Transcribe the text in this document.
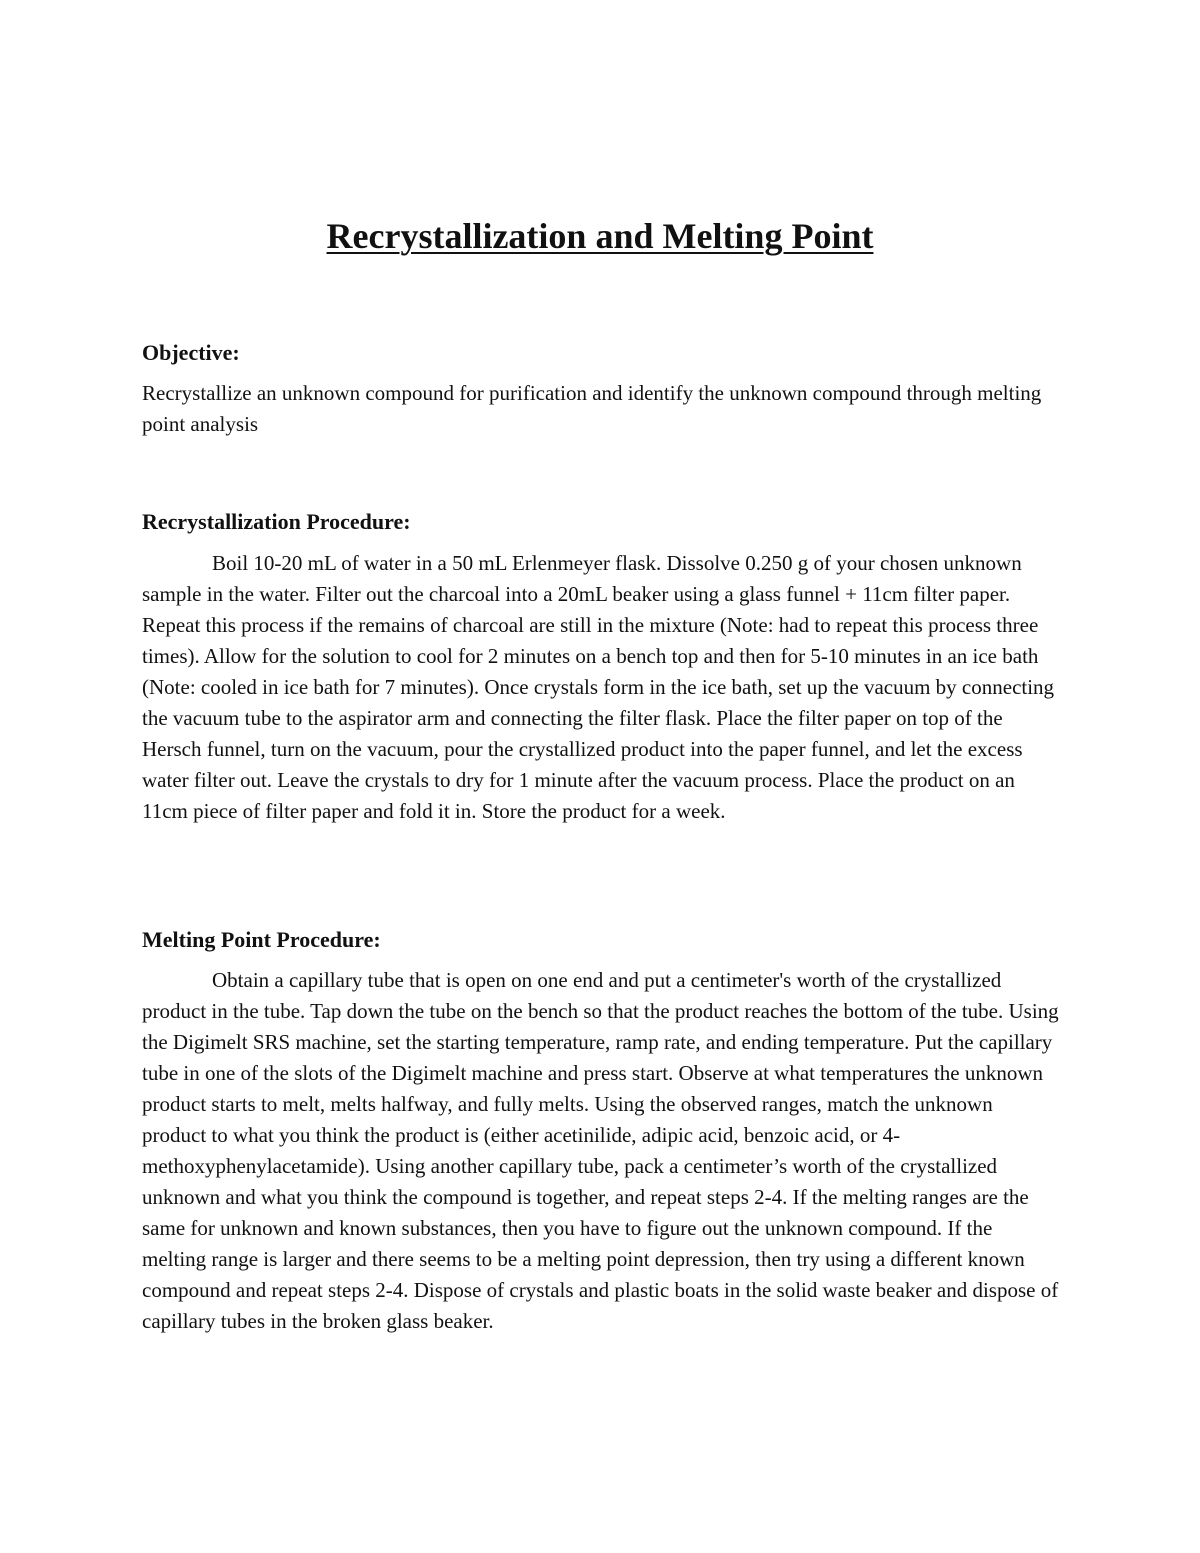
Recrystallization and Melting Point
Objective:

Recrystallize an unknown compound for purification and identify the unknown compound through melting point analysis

Recrystallization Procedure:

Boil 10-20 mL of water in a 50 mL Erlenmeyer flask. Dissolve 0.250 g of your chosen unknown sample in the water. Filter out the charcoal into a 20mL beaker using a glass funnel + 11cm filter paper. Repeat this process if the remains of charcoal are still in the mixture (Note: had to repeat this process three times). Allow for the solution to cool for 2 minutes on a bench top and then for 5-10 minutes in an ice bath (Note: cooled in ice bath for 7 minutes). Once crystals form in the ice bath, set up the vacuum by connecting the vacuum tube to the aspirator arm and connecting the filter flask. Place the filter paper on top of the Hersch funnel, turn on the vacuum, pour the crystallized product into the paper funnel, and let the excess water filter out. Leave the crystals to dry for 1 minute after the vacuum process. Place the product on an 11cm piece of filter paper and fold it in. Store the product for a week.

Melting Point Procedure:

Obtain a capillary tube that is open on one end and put a centimeter's worth of the crystallized product in the tube. Tap down the tube on the bench so that the product reaches the bottom of the tube. Using the Digimelt SRS machine, set the starting temperature, ramp rate, and ending temperature. Put the capillary tube in one of the slots of the Digimelt machine and press start. Observe at what temperatures the unknown product starts to melt, melts halfway, and fully melts. Using the observed ranges, match the unknown product to what you think the product is (either acetinilide, adipic acid, benzoic acid, or 4-methoxyphenylacetamide). Using another capillary tube, pack a centimeter’s worth of the crystallized unknown and what you think the compound is together, and repeat steps 2-4. If the melting ranges are the same for unknown and known substances, then you have to figure out the unknown compound. If the melting range is larger and there seems to be a melting point depression, then try using a different known compound and repeat steps 2-4. Dispose of crystals and plastic boats in the solid waste beaker and dispose of capillary tubes in the broken glass beaker.
